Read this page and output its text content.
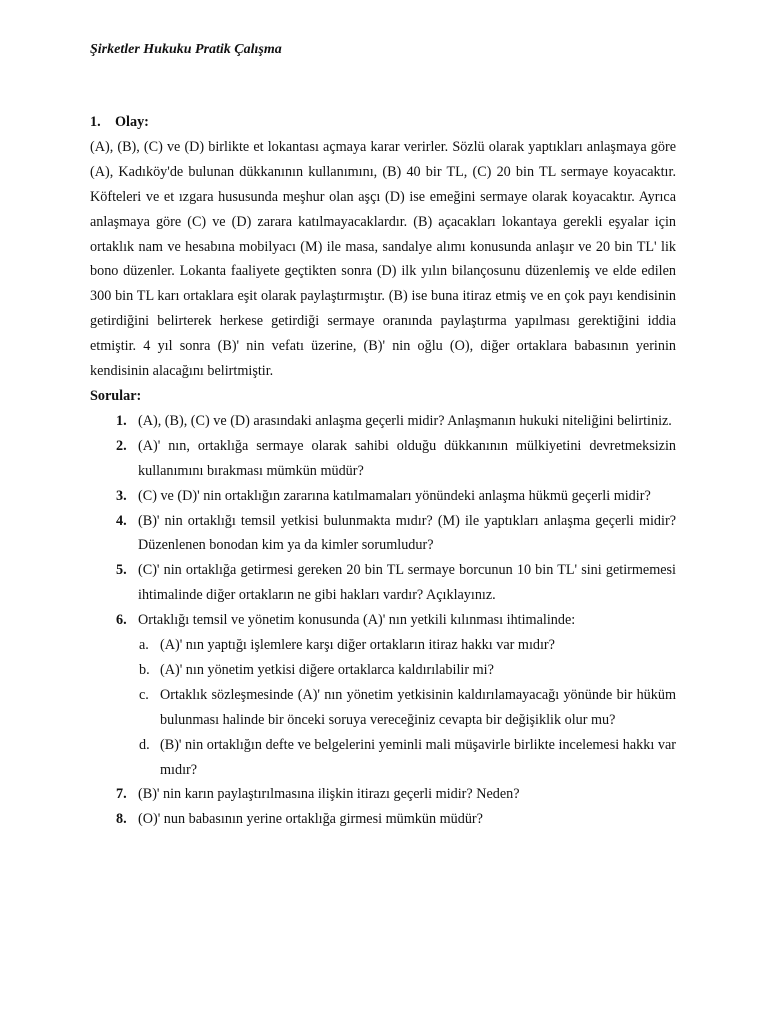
Şirketler Hukuku Pratik Çalışma
1. Olay:

(A), (B), (C) ve (D) birlikte et lokantası açmaya karar verirler. Sözlü olarak yaptıkları anlaşmaya göre (A), Kadıköy'de bulunan dükkanının kullanımını, (B) 40 bir TL, (C) 20 bin TL sermaye koyacaktır. Köfteleri ve et ızgara hususunda meşhur olan aşçı (D) ise emeğini sermaye olarak koyacaktır. Ayrıca anlaşmaya göre (C) ve (D) zarara katılmayacaklardır. (B) açacakları lokantaya gerekli eşyalar için ortaklık nam ve hesabına mobilyacı (M) ile masa, sandalye alımı konusunda anlaşır ve 20 bin TL' lik bono düzenler. Lokanta faaliyete geçtikten sonra (D) ilk yılın bilançosunu düzenlemiş ve elde edilen 300 bin TL karı ortaklara eşit olarak paylaştırmıştır. (B) ise buna itiraz etmiş ve en çok payı kendisinin getirdiğini belirterek herkese getirdiği sermaye oranında paylaştırma yapılması gerektiğini iddia etmiştir. 4 yıl sonra (B)' nin vefatı üzerine, (B)' nin oğlu (O), diğer ortaklara babasının yerinin kendisinin alacağını belirtmiştir.

Sorular:
1. (A), (B), (C) ve (D) arasındaki anlaşma geçerli midir? Anlaşmanın hukuki niteliğini belirtiniz.
2. (A)' nın, ortaklığa sermaye olarak sahibi olduğu dükkanının mülkiyetini devretmeksizin kullanımını bırakması mümkün müdür?
3. (C) ve (D)' nin ortaklığın zararına katılmamaları yönündeki anlaşma hükmü geçerli midir?
4. (B)' nin ortaklığı temsil yetkisi bulunmakta mıdır? (M) ile yaptıkları anlaşma geçerli midir? Düzenlenen bonodan kim ya da kimler sorumludur?
5. (C)' nin ortaklığa getirmesi gereken 20 bin TL sermaye borcunun 10 bin TL' sini getirmemesi ihtimalinde diğer ortakların ne gibi hakları vardır? Açıklayınız.
6. Ortaklığı temsil ve yönetim konusunda (A)' nın yetkili kılınması ihtimalinde:
a. (A)' nın yaptığı işlemlere karşı diğer ortakların itiraz hakkı var mıdır?
b. (A)' nın yönetim yetkisi diğere ortaklarca kaldırılabilir mi?
c. Ortaklık sözleşmesinde (A)' nın yönetim yetkisinin kaldırılamayacağı yönünde bir hüküm bulunması halinde bir önceki soruya vereceğiniz cevapta bir değişiklik olur mu?
d. (B)' nin ortaklığın defte ve belgelerini yeminli mali müşavirle birlikte incelemesi hakkı var mıdır?
7. (B)' nin karın paylaştırılmasına ilişkin itirazı geçerli midir? Neden?
8. (O)' nun babasının yerine ortaklığa girmesi mümkün müdür?
